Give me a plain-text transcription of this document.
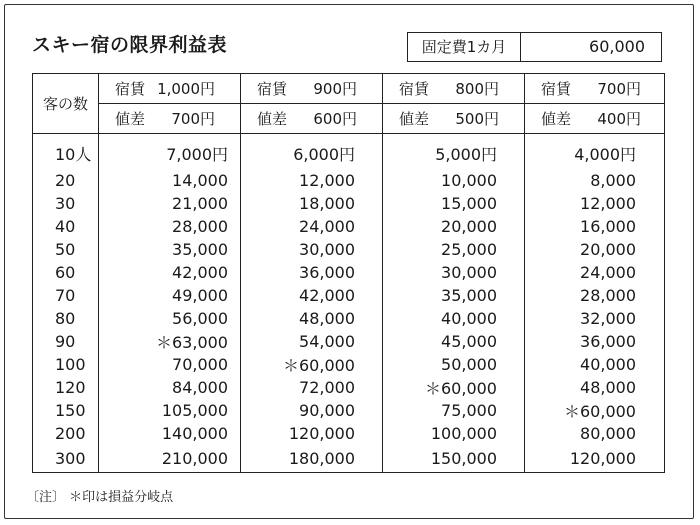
スキー宿の限界利益表	固定費1カ月	60,000
客の数	宿賃 1,000円	宿賃 900円	宿賃 800円	宿賃 700円
	値差 700円	値差 600円	値差 500円	値差 400円
10人	7,000円	6,000円	5,000円	4,000円
20	14,000	12,000	10,000	8,000
30	21,000	18,000	15,000	12,000
40	28,000	24,000	20,000	16,000
50	35,000	30,000	25,000	20,000
60	42,000	36,000	30,000	24,000
70	49,000	42,000	35,000	28,000
80	56,000	48,000	40,000	32,000
90	＊63,000	54,000	45,000	36,000
100	70,000	＊60,000	50,000	40,000
120	84,000	72,000	＊60,000	48,000
150	105,000	90,000	75,000	＊60,000
200	140,000	120,000	100,000	80,000
300	210,000	180,000	150,000	120,000
〔注〕 ＊印は損益分岐点
